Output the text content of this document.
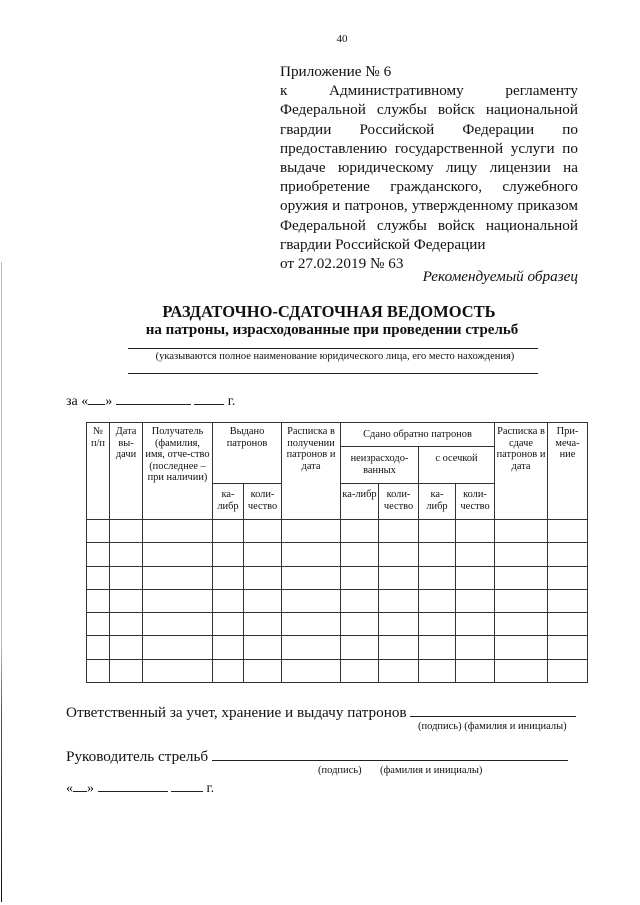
40
Приложение № 6
к	Административному	регламенту
Федеральной службы войск национальной
гвардии Российской Федерации по
предоставлению государственной услуги по
выдаче юридическому лицу лицензии на
приобретение гражданского, служебного
оружия и патронов, утвержденному приказом
Федеральной службы войск национальной
гвардии Российской Федерации
от 27.02.2019 № 63
Рекомендуемый образец
РАЗДАТОЧНО-СДАТОЧНАЯ ВЕДОМОСТЬ
на патроны, израсходованные при проведении стрельб
(указываются полное наименование юридического лица, его место нахождения)
за « »	г.
№ п/п	Дата вы-дачи	Получатель (фамилия, имя, отче-ство (последнее – при наличии)	Выдано патронов		Расписка в получении патронов и дата	Сдано обратно патронов				Расписка в сдаче патронов и дата	При-меча-ние
						неизрасходо-ванных		с осечкой			
			ка-либр	коли-чество		ка-либр	коли-чество	ка-либр	коли-чество		

Ответственный за учет, хранение и выдачу патронов
(подпись) (фамилия и инициалы)
Руководитель стрельб
(подпись) (фамилия и инициалы)
« »	г.
